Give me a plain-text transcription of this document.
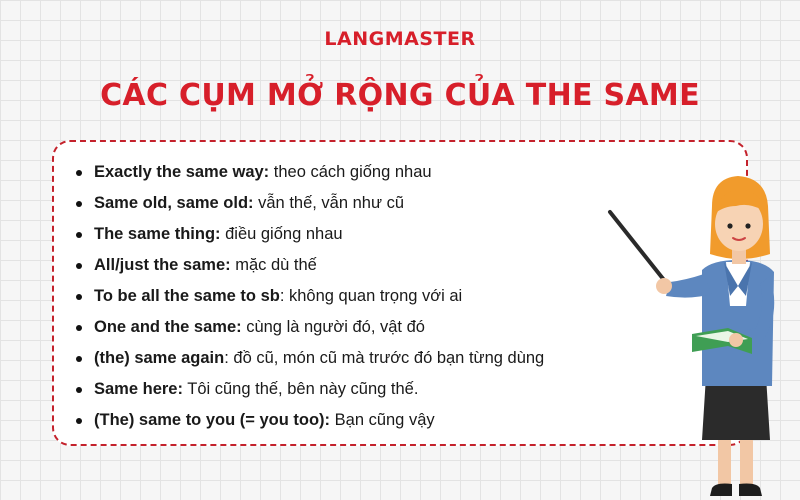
LANGMASTER
CÁC CỤM MỞ RỘNG CỦA THE SAME
Exactly the same way: theo cách giống nhau
Same old, same old: vẫn thế, vẫn như cũ
The same thing: điều giống nhau
All/just the same: mặc dù thế
To be all the same to sb: không quan trọng với ai
One and the same: cùng là người đó, vật đó
(the) same again: đồ cũ, món cũ mà trước đó bạn từng dùng
Same here: Tôi cũng thế, bên này cũng thế.
(The) same to you (= you too): Bạn cũng vậy
